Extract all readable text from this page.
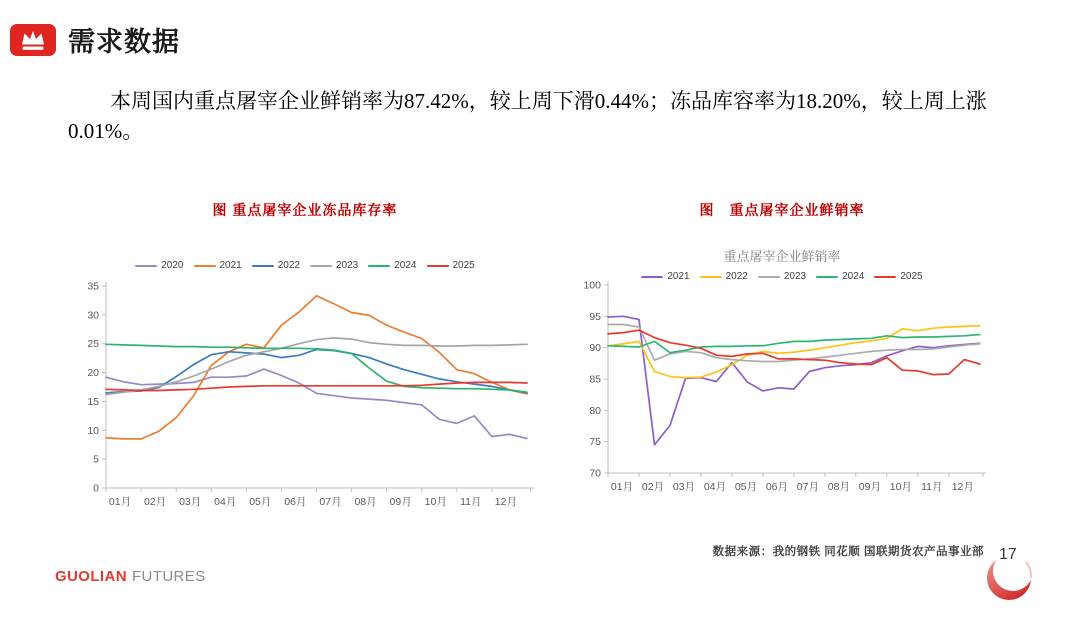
需求数据

本周国内重点屠宰企业鲜销率为87.42%，较上周下滑0.44%；冻品库容率为18.20%，较上周上涨0.01%。

图 重点屠宰企业冻品库存率
2020	2021	2022	2023	2024	2025
0
5
10
15
20
25
30
35
01月 02月 03月 04月 05月 06月 07月 08月 09月 10月 11月 12月
图　重点屠宰企业鲜销率
重点屠宰企业鲜销率
2021	2022	2023	2024	2025
70
75
80
85
90
95
100
01月 02月 03月 04月 05月 06月 07月 08月 09月 10月 11月 12月
GUOLIAN FUTURES
数据来源：我的钢铁 同花顺 国联期货农产品事业部 17
